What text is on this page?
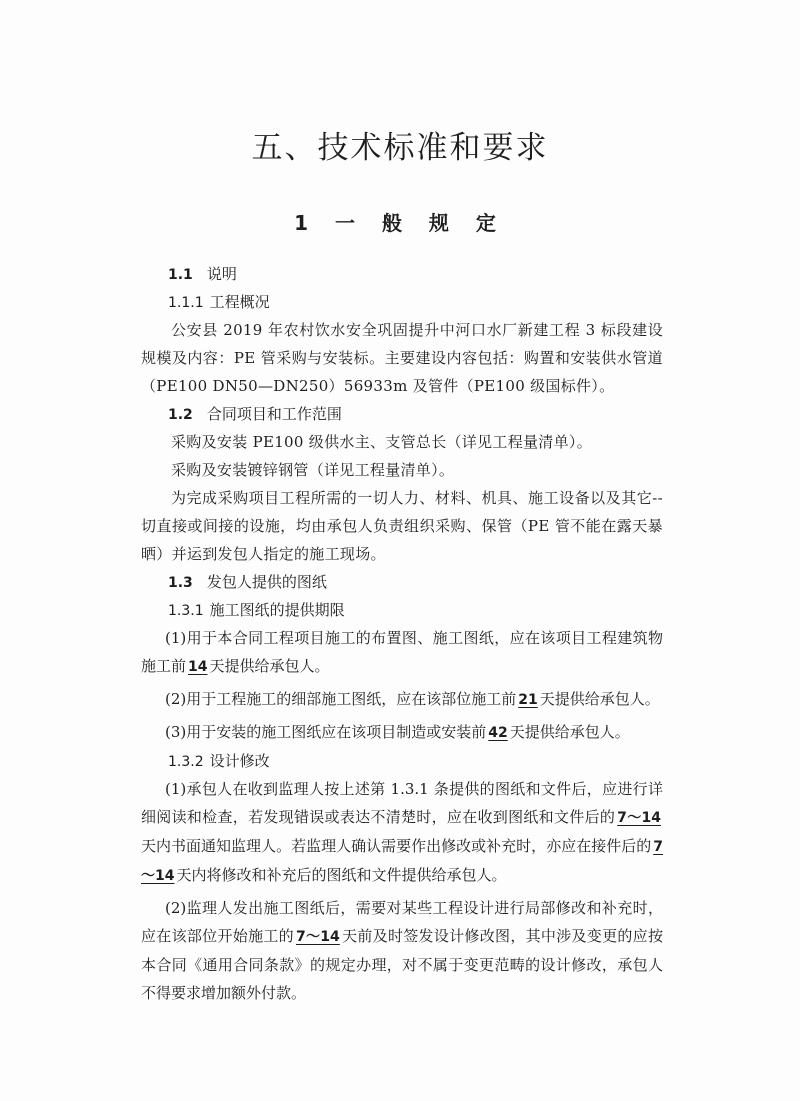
五、技术标准和要求
1 一 般 规 定
1.1 说明
1.1.1 工程概况

公安县 2019 年农村饮水安全巩固提升中河口水厂新建工程 3 标段建设规模及内容：PE 管采购与安装标。主要建设内容包括：购置和安装供水管道（PE100 DN50—DN250）56933m 及管件（PE100 级国标件）。

1.2 合同项目和工作范围

采购及安装 PE100 级供水主、支管总长（详见工程量清单）。

采购及安装镀锌钢管（详见工程量清单）。

为完成采购项目工程所需的一切人力、材料、机具、施工设备以及其它--切直接或间接的设施，均由承包人负责组织采购、保管（PE 管不能在露天暴晒）并运到发包人指定的施工现场。

1.3 发包人提供的图纸
1.3.1 施工图纸的提供期限

(1)用于本合同工程项目施工的布置图、施工图纸，应在该项目工程建筑物施工前 14 天提供给承包人。

(2)用于工程施工的细部施工图纸，应在该部位施工前 21 天提供给承包人。

(3)用于安装的施工图纸应在该项目制造或安装前 42 天提供给承包人。

1.3.2 设计修改

(1)承包人在收到监理人按上述第 1.3.1 条提供的图纸和文件后，应进行详细阅读和检查，若发现错误或表达不清楚时，应在收到图纸和文件后的 7～14天内书面通知监理人。若监理人确认需要作出修改或补充时，亦应在接件后的 7～14 天内将修改和补充后的图纸和文件提供给承包人。

(2)监理人发出施工图纸后，需要对某些工程设计进行局部修改和补充时，应在该部位开始施工的 7～14 天前及时签发设计修改图，其中涉及变更的应按本合同《通用合同条款》的规定办理，对不属于变更范畴的设计修改，承包人不得要求增加额外付款。
